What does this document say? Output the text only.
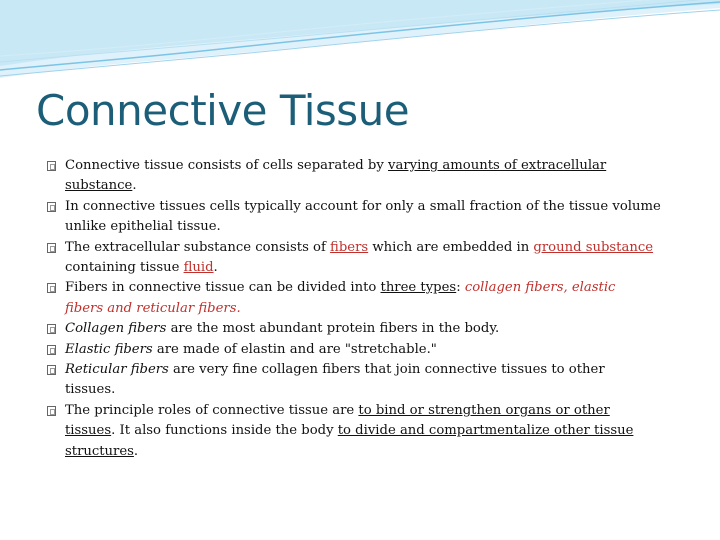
Connective Tissue
Connective tissue consists of cells separated by varying amounts of extracellular
substance.
In connective tissues cells typically account for only a small fraction of the tissue volume
unlike epithelial tissue.
The extracellular substance consists of fibers which are embedded in ground substance
containing tissue fluid.
Fibers in connective tissue can be divided into three types: collagen fibers, elastic
fibers and reticular fibers.
Collagen fibers are the most abundant protein fibers in the body.
Elastic fibers are made of elastin and are "stretchable."
Reticular fibers are very fine collagen fibers that join connective tissues to other
tissues.
The principle roles of connective tissue are to bind or strengthen organs or other
tissues. It also functions inside the body to divide and compartmentalize other tissue
structures.
